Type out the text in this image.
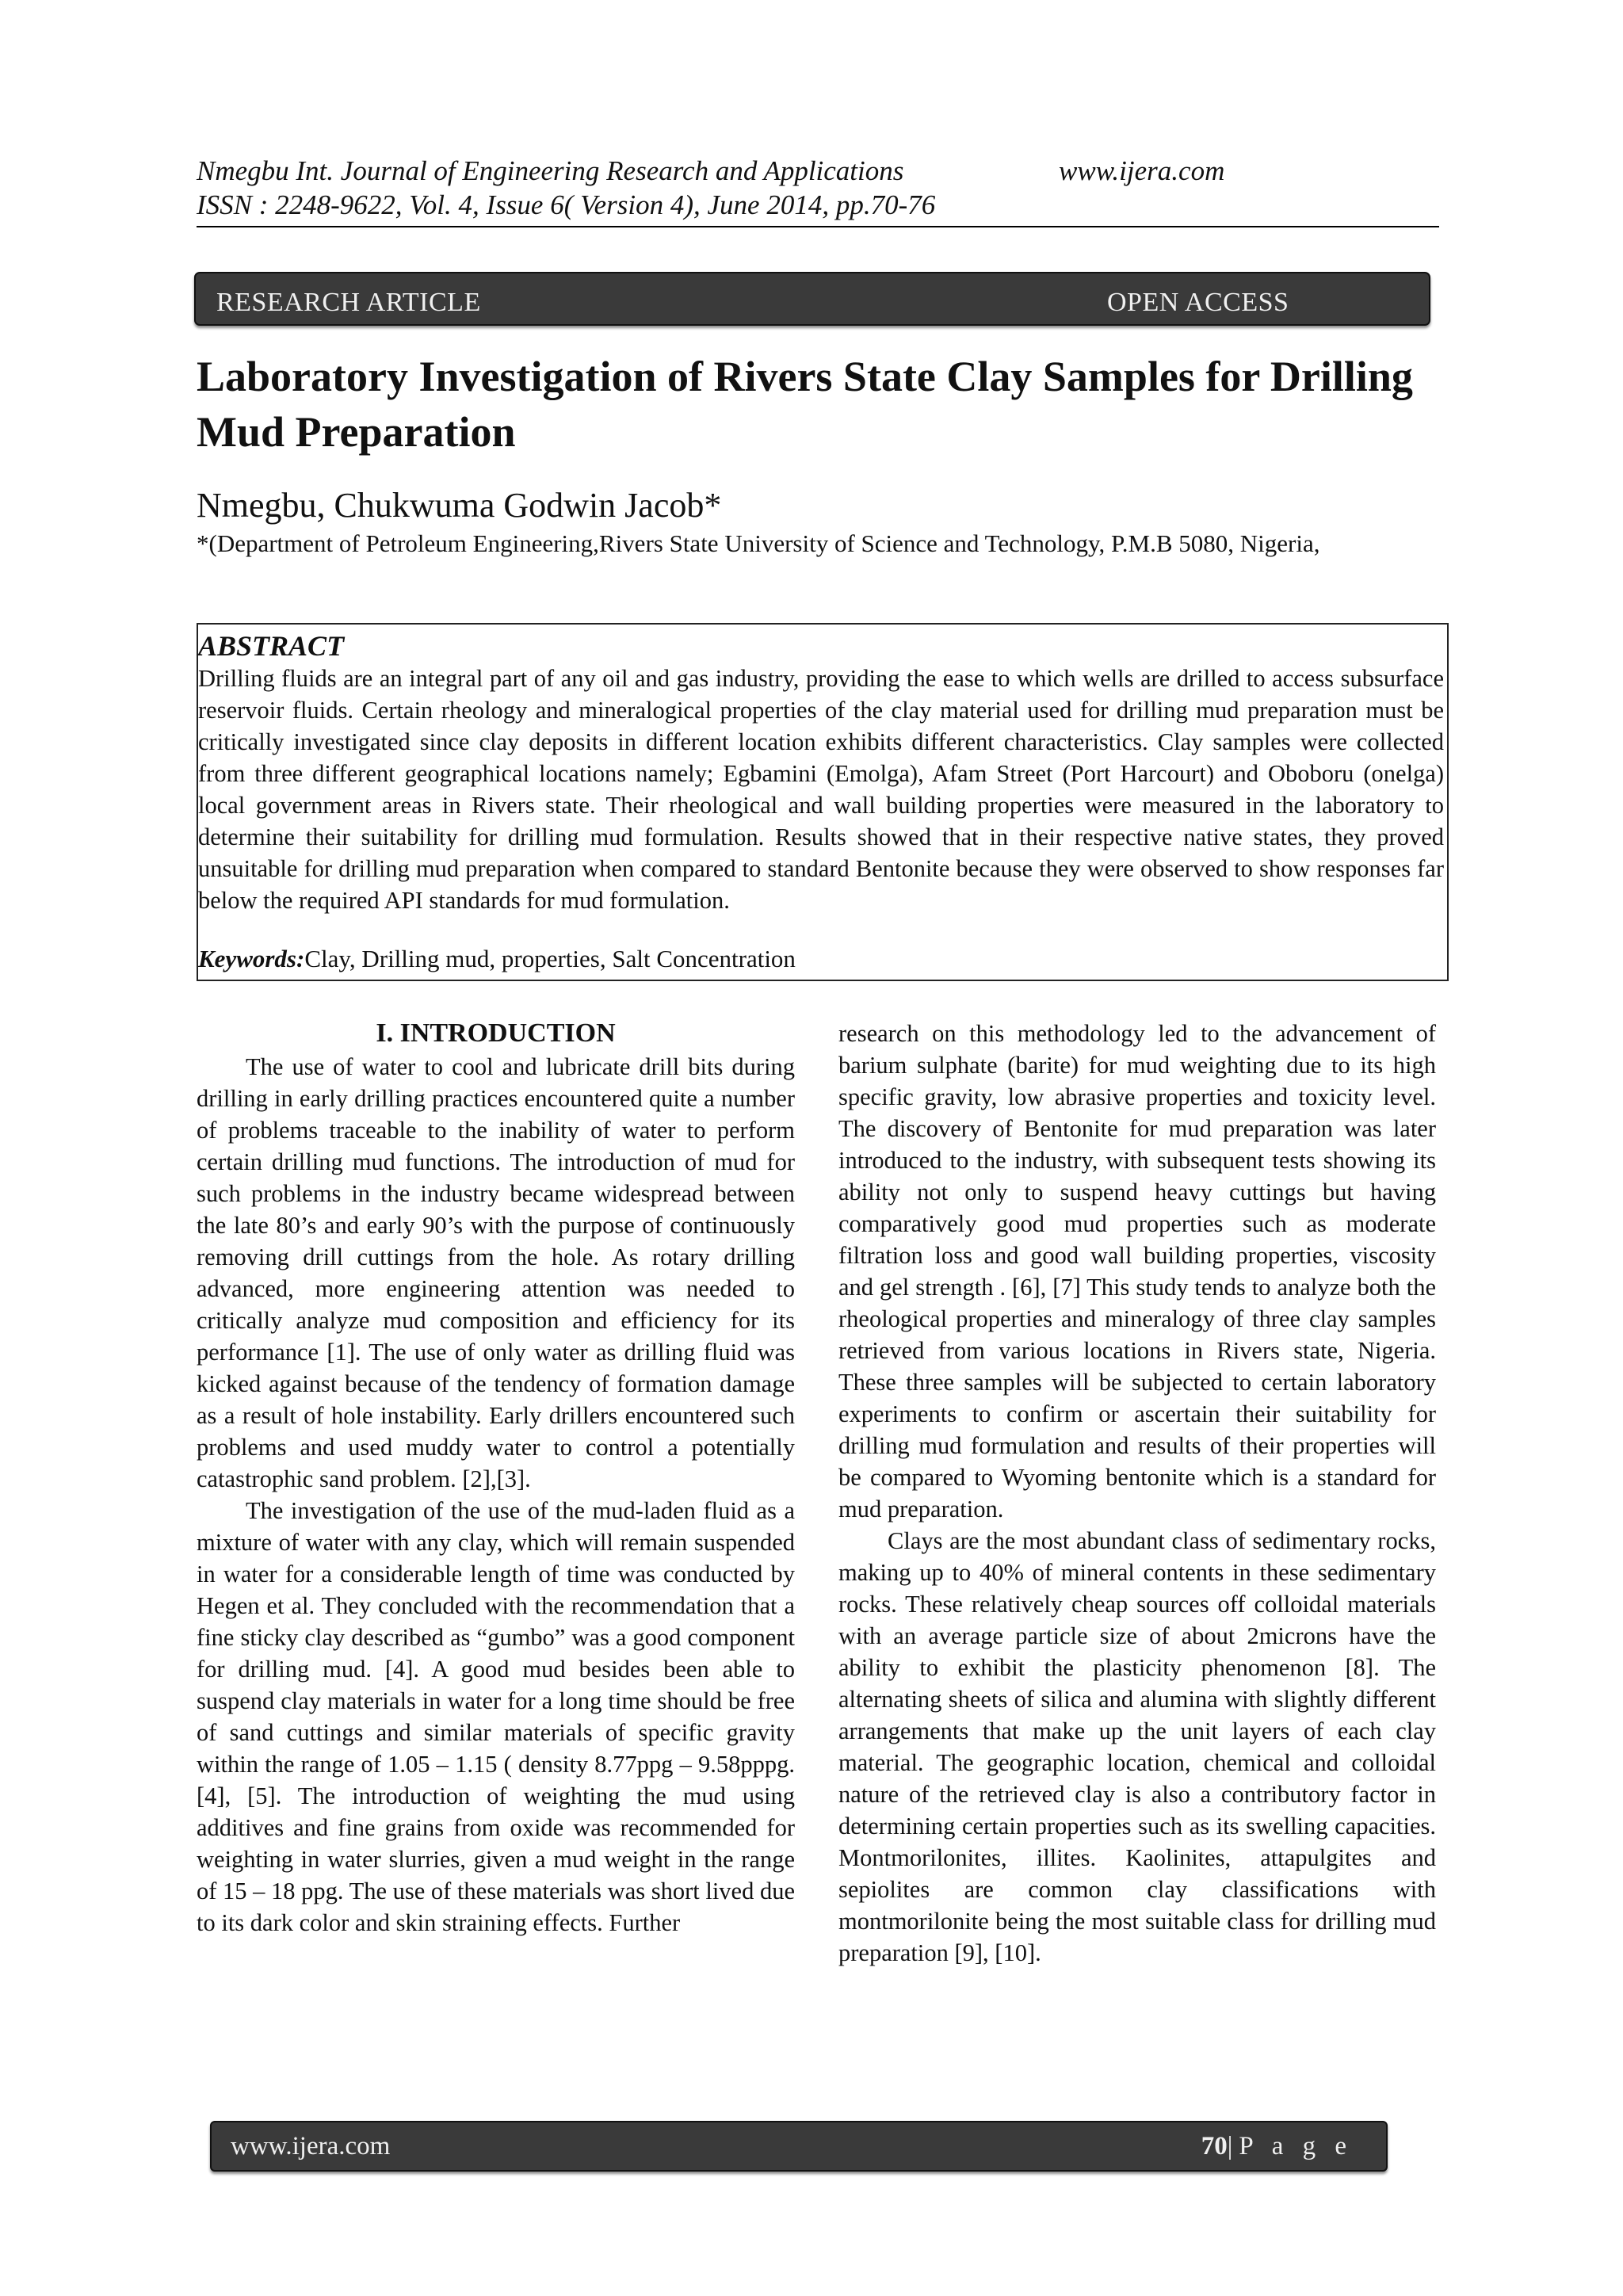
Nmegbu Int. Journal of Engineering Research and Applications	www.ijera.com
ISSN : 2248-9622, Vol. 4, Issue 6( Version 4), June 2014, pp.70-76
RESEARCH ARTICLE	OPEN ACCESS
Laboratory Investigation of Rivers State Clay Samples for Drilling Mud Preparation
Nmegbu, Chukwuma Godwin Jacob*
*(Department of Petroleum Engineering,Rivers State University of Science and Technology, P.M.B 5080, Nigeria,
ABSTRACT
Drilling fluids are an integral part of any oil and gas industry, providing the ease to which wells are drilled to access subsurface reservoir fluids. Certain rheology and mineralogical properties of the clay material used for drilling mud preparation must be critically investigated since clay deposits in different location exhibits different characteristics. Clay samples were collected from three different geographical locations namely; Egbamini (Emolga), Afam Street (Port Harcourt) and Oboboru (onelga) local government areas in Rivers state. Their rheological and wall building properties were measured in the laboratory to determine their suitability for drilling mud formulation. Results showed that in their respective native states, they proved unsuitable for drilling mud preparation when compared to standard Bentonite because they were observed to show responses far below the required API standards for mud formulation.
Keywords:Clay, Drilling mud, properties, Salt Concentration
I. INTRODUCTION

The use of water to cool and lubricate drill bits during drilling in early drilling practices encountered quite a number of problems traceable to the inability of water to perform certain drilling mud functions. The introduction of mud for such problems in the industry became widespread between the late 80’s and early 90’s with the purpose of continuously removing drill cuttings from the hole. As rotary drilling advanced, more engineering attention was needed to critically analyze mud composition and efficiency for its performance [1]. The use of only water as drilling fluid was kicked against because of the tendency of formation damage as a result of hole instability. Early drillers encountered such problems and used muddy water to control a potentially catastrophic sand problem. [2],[3].

The investigation of the use of the mud-laden fluid as a mixture of water with any clay, which will remain suspended in water for a considerable length of time was conducted by Hegen et al. They concluded with the recommendation that a fine sticky clay described as “gumbo” was a good component for drilling mud. [4]. A good mud besides been able to suspend clay materials in water for a long time should be free of sand cuttings and similar materials of specific gravity within the range of 1.05 – 1.15 ( density 8.77ppg – 9.58pppg. [4], [5]. The introduction of weighting the mud using additives and fine grains from oxide was recommended for weighting in water slurries, given a mud weight in the range of 15 – 18 ppg. The use of these materials was short lived due to its dark color and skin straining effects. Further

research on this methodology led to the advancement of barium sulphate (barite) for mud weighting due to its high specific gravity, low abrasive properties and toxicity level. The discovery of Bentonite for mud preparation was later introduced to the industry, with subsequent tests showing its ability not only to suspend heavy cuttings but having comparatively good mud properties such as moderate filtration loss and good wall building properties, viscosity and gel strength . [6], [7] This study tends to analyze both the rheological properties and mineralogy of three clay samples retrieved from various locations in Rivers state, Nigeria. These three samples will be subjected to certain laboratory experiments to confirm or ascertain their suitability for drilling mud formulation and results of their properties will be compared to Wyoming bentonite which is a standard for mud preparation.

Clays are the most abundant class of sedimentary rocks, making up to 40% of mineral contents in these sedimentary rocks. These relatively cheap sources off colloidal materials with an average particle size of about 2microns have the ability to exhibit the plasticity phenomenon [8]. The alternating sheets of silica and alumina with slightly different arrangements that make up the unit layers of each clay material. The geographic location, chemical and colloidal nature of the retrieved clay is also a contributory factor in determining certain properties such as its swelling capacities. Montmorilonites, illites. Kaolinites, attapulgites and sepiolites are common clay classifications with montmorilonite being the most suitable class for drilling mud preparation [9], [10].

www.ijera.com	70|P a g e
